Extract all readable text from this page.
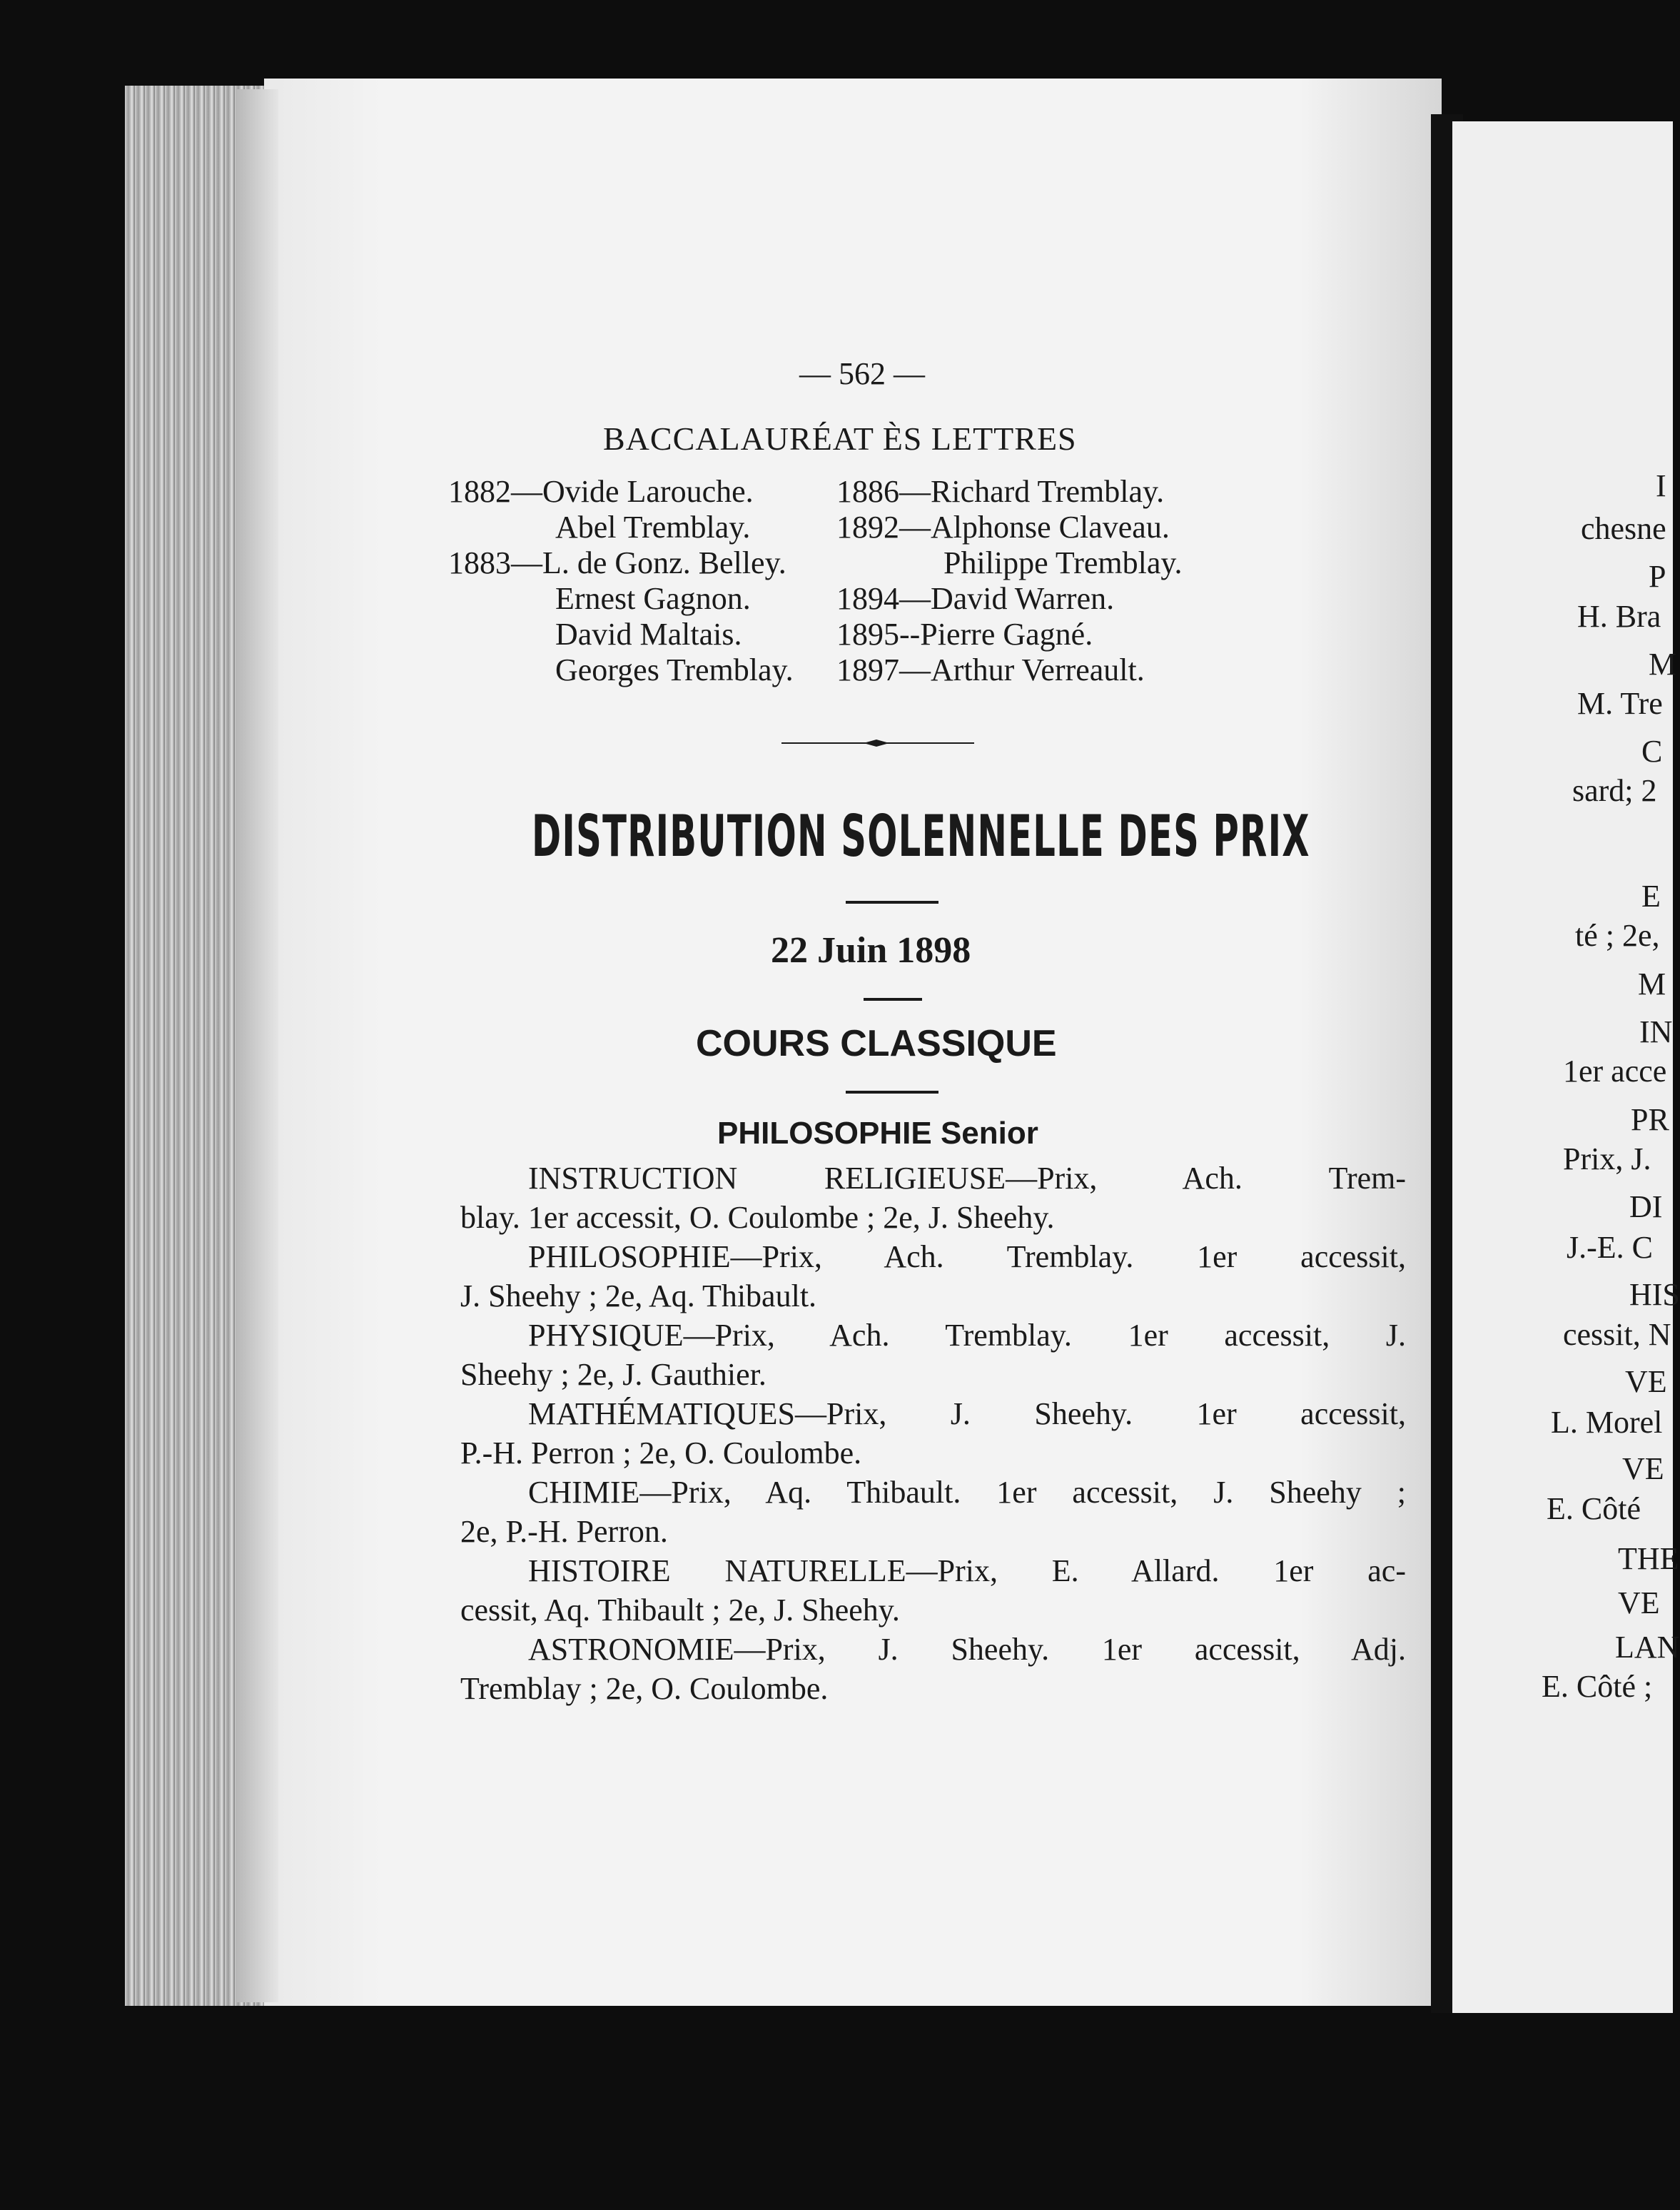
I
chesne
P
H. Bra
M
M. Tre
C
sard; 2
E
té ; 2e,
M
IN
1er acce
PR
Prix, J.
DI
J.-E. C
HIS
cessit, N
VE
L. Morel
VE
E. Côté
THE
VE
LAN
E. Côté ;
— 562 —
BACCALAURÉAT ÈS LETTRES
1882—Ovide Larouche.	1886—Richard Tremblay.
Abel Tremblay.	1892—Alphonse Claveau.
1883—L. de Gonz. Belley.	Philippe Tremblay.
Ernest Gagnon.	1894—David Warren.
David Maltais.	1895--Pierre Gagné.
Georges Tremblay. 1897—Arthur Verreault.
DISTRIBUTION SOLENNELLE DES PRIX
22 Juin 1898
COURS CLASSIQUE
PHILOSOPHIE Senior
INSTRUCTION RELIGIEUSE—Prix, Ach. Trem-
blay. 1er accessit, O. Coulombe ; 2e, J. Sheehy.
PHILOSOPHIE—Prix, Ach. Tremblay. 1er accessit,
J. Sheehy ; 2e, Aq. Thibault.
PHYSIQUE—Prix, Ach. Tremblay. 1er accessit, J.
Sheehy ; 2e, J. Gauthier.
MATHÉMATIQUES—Prix, J. Sheehy. 1er accessit,
P.-H. Perron ; 2e, O. Coulombe.
CHIMIE—Prix, Aq. Thibault. 1er accessit, J. Sheehy ;
2e, P.-H. Perron.
HISTOIRE NATURELLE—Prix, E. Allard. 1er ac-
cessit, Aq. Thibault ; 2e, J. Sheehy.
ASTRONOMIE—Prix, J. Sheehy. 1er accessit, Adj.
Tremblay ; 2e, O. Coulombe.
